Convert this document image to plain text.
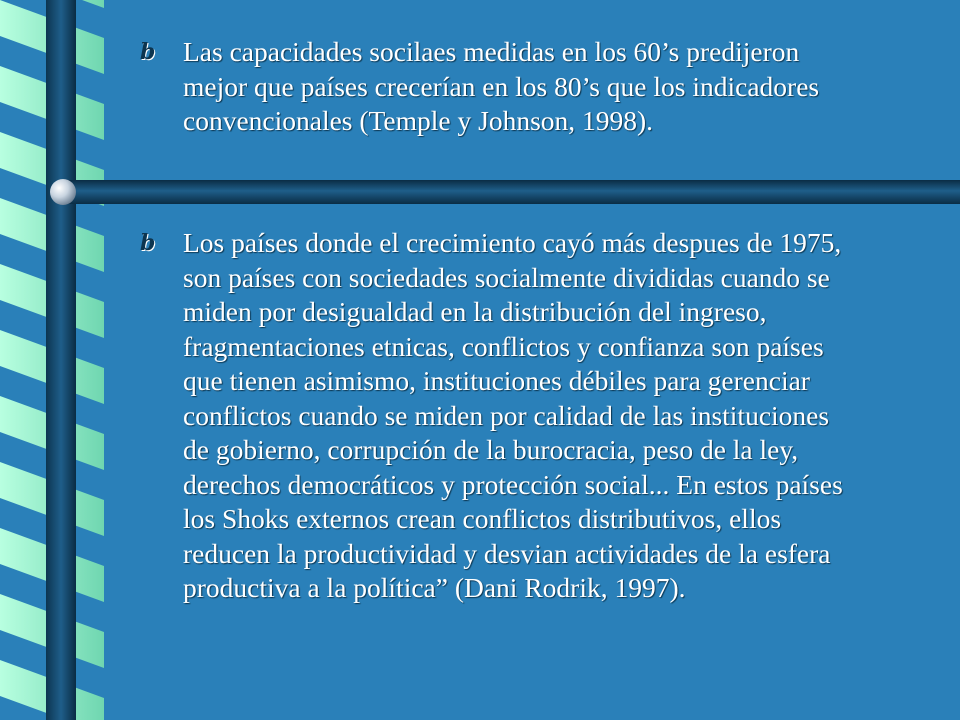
b Las capacidades socilaes medidas en los 60’s predijeron mejor que países crecerían en los 80’s que los indicadores convencionales (Temple y Johnson, 1998).
b Los países donde el crecimiento cayó más despues de 1975, son países con sociedades socialmente divididas cuando se miden por desigualdad en la distribución del ingreso, fragmentaciones etnicas, conflictos y confianza son países que tienen asimismo, instituciones débiles para gerenciar conflictos cuando se miden por calidad de las instituciones de gobierno, corrupción de la burocracia, peso de la ley, derechos democráticos y protección social... En estos países los Shoks externos crean conflictos distributivos, ellos reducen la productividad y desvian actividades de la esfera productiva a la política” (Dani Rodrik, 1997).
